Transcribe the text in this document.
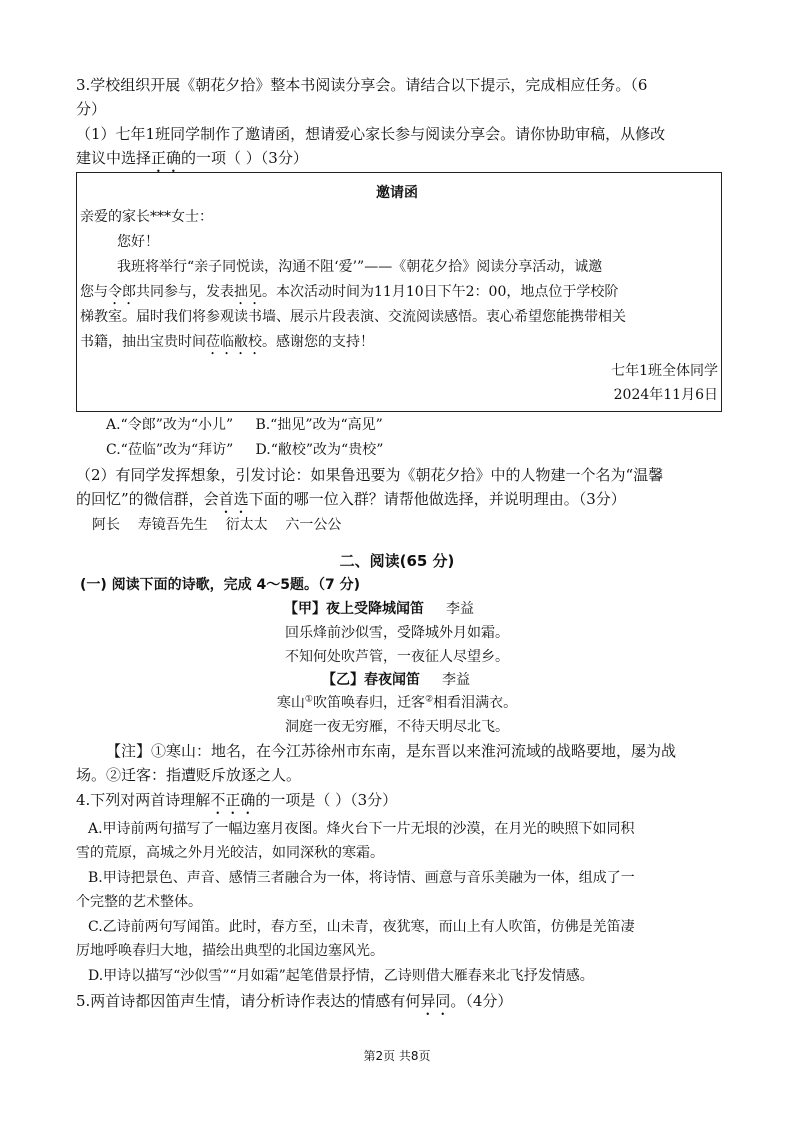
3.学校组织开展《朝花夕拾》整本书阅读分享会。请结合以下提示，完成相应任务。（6
分）
（1）七年1班同学制作了邀请函，想请爱心家长参与阅读分享会。请你协助审稿，从修改
建议中选择正确的一项（ ）（3分）
邀请函
亲爱的家长***女士：
您好！
我班将举行“亲子同悦读，沟通不阻‘爱’”——《朝花夕拾》阅读分享活动，诚邀
您与令郎共同参与，发表拙见。本次活动时间为11月10日下午2：00，地点位于学校阶
梯教室。届时我们将参观读书墙、展示片段表演、交流阅读感悟。衷心希望您能携带相关
书籍，抽出宝贵时间莅临敝校。感谢您的支持！
七年1班全体同学
2024年11月6日
A.“令郎”改为“小儿”     B.“拙见”改为“高见”
C.“莅临”改为“拜访”     D.“敝校”改为“贵校”
（2）有同学发挥想象，引发讨论：如果鲁迅要为《朝花夕拾》中的人物建一个名为“温馨
的回忆”的微信群，会首选下面的哪一位入群？请帮他做选择，并说明理由。（3分）
阿长    寿镜吾先生    衍太太    六一公公
二、阅读(65 分)
(一) 阅读下面的诗歌，完成 4～5题。（7 分)
【甲】夜上受降城闻笛 李益
回乐烽前沙似雪，受降城外月如霜。
不知何处吹芦管，一夜征人尽望乡。
【乙】春夜闻笛 李益
寒山①吹笛唤春归，迁客②相看泪满衣。
洞庭一夜无穷雁，不待天明尽北飞。
【注】①寒山：地名，在今江苏徐州市东南，是东晋以来淮河流域的战略要地，屡为战
场。②迁客：指遭贬斥放逐之人。
4.下列对两首诗理解不正确的一项是（ ）（3分）
A.甲诗前两句描写了一幅边塞月夜图。烽火台下一片无垠的沙漠，在月光的映照下如同积
雪的荒原，高城之外月光皎洁，如同深秋的寒霜。
B.甲诗把景色、声音、感情三者融合为一体，将诗情、画意与音乐美融为一体，组成了一
个完整的艺术整体。
C.乙诗前两句写闻笛。此时，春方至，山未青，夜犹寒，而山上有人吹笛，仿佛是羌笛凄
厉地呼唤春归大地，描绘出典型的北国边塞风光。
D.甲诗以描写“沙似雪”“月如霜”起笔借景抒情，乙诗则借大雁春来北飞抒发情感。
5.两首诗都因笛声生情，请分析诗作表达的情感有何异同。（4分）
第2页 共8页
